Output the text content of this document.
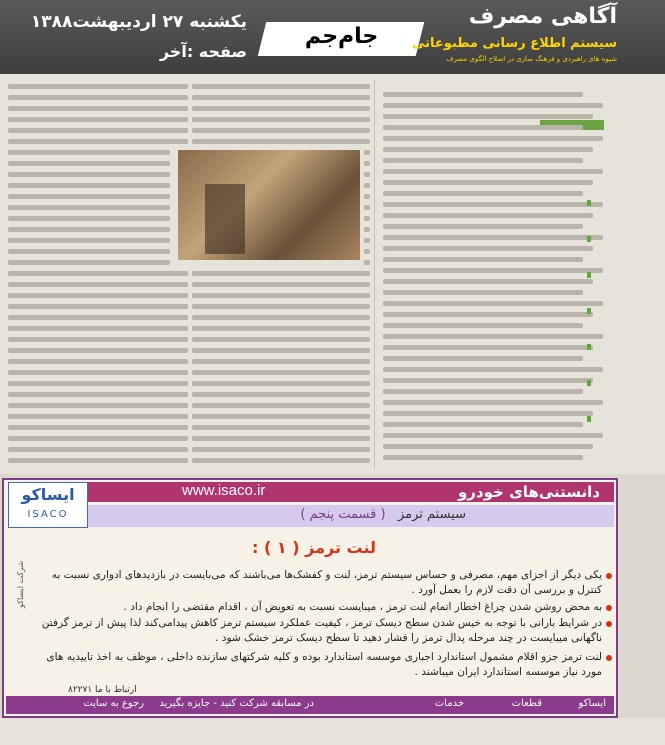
یکشنبه ۲۷ اردیبهشت۱۳۸۸
صفحه :آخر
جام‌جم
آگاهی مصرف
سیستم اطلاع رسانی مطبوعاتی
شیوه های راهبردی و فرهنگ سازی در اصلاح الگوی مصرف
ایساکو
ISACO
www.isaco.ir	دانستنی‌های خودرو
سیستم ترمز   ( قسمت پنجم )
لنت ترمز ( ۱ ) :
یکی دیگر از اجزای مهم، مصرفی و حساس سیستم ترمز، لنت و کفشک‌ها می‌باشند که می‌بایست در بازدیدهای ادواری نسبت به کنترل و بررسی آن دقت لازم را بعمل آورد .
به محض روشن شدن چراغ اخطار اتمام لنت ترمز ، میبایست نسبت به تعویض آن ، اقدام مقتضی را انجام داد .
در شرایط بارانی با توجه به خیس شدن سطح دیسک ترمز ، کیفیت عملکرد سیستم ترمز کاهش پیدامی‌کند لذا پیش از ترمز گرفتن ناگهانی میبایست در چند مرحله پدال ترمز را فشار دهید تا سطح دیسک ترمز خشک شود .
لنت ترمز جزو اقلام مشمول استاندارد اجباری موسسه استاندارد بوده و کلیه شرکتهای سازنده داخلی ، موظف به اخذ تاییدیه های مورد نیاز موسسه استاندارد ایران میباشند .
شرکت ایساکو
ارتباط با ما ۸۲۲۷۱
ایساکو
قطعات
خدمات
در مسابقه شرکت کنید - جایزه بگیرید
رجوع به سایت
